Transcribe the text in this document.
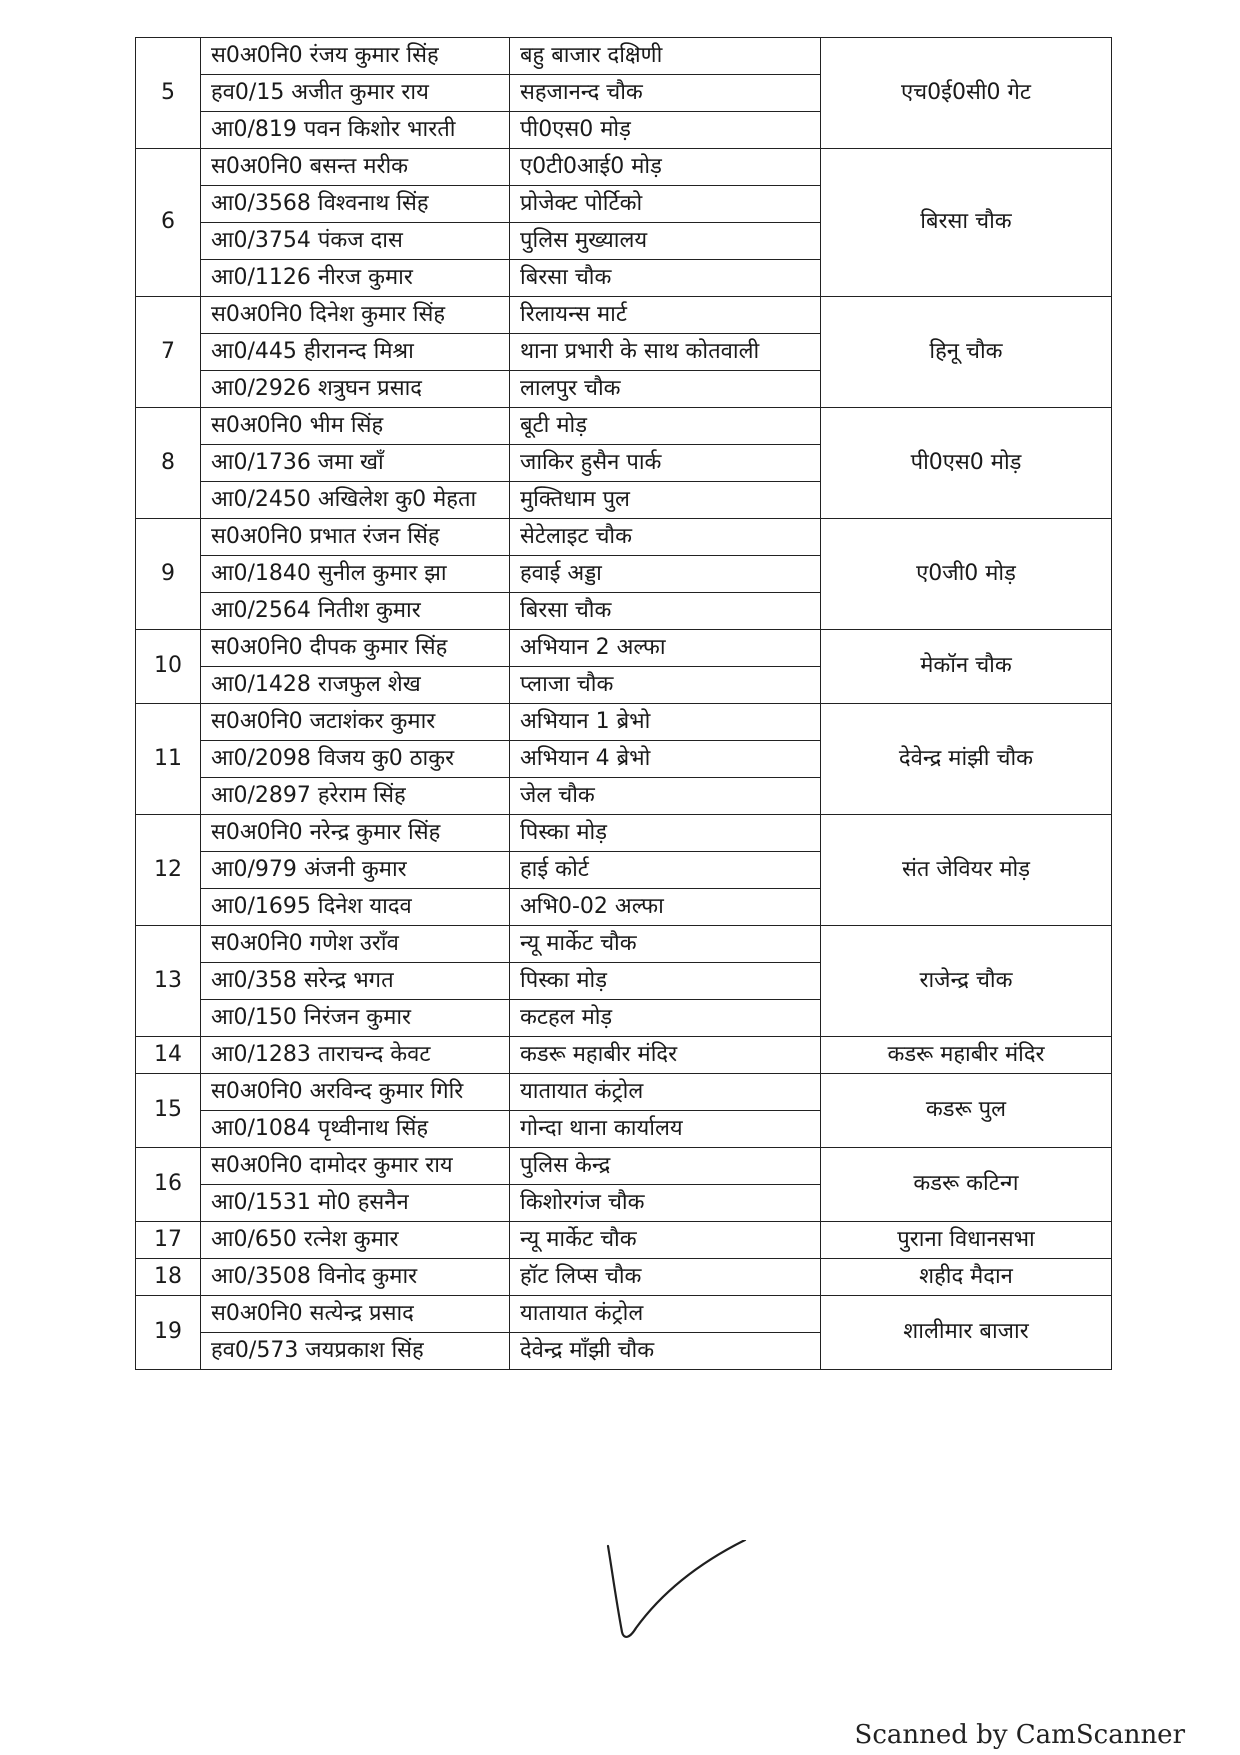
5	स0अ0नि0 रंजय कुमार सिंह	बहु बाजार दक्षिणी	एच0ई0सी0 गेट
	हव0/15 अजीत कुमार राय	सहजानन्द चौक	
	आ0/819 पवन किशोर भारती	पी0एस0 मोड़	
6	स0अ0नि0 बसन्त मरीक	ए0टी0आई0 मोड़	बिरसा चौक
	आ0/3568 विश्वनाथ सिंह	प्रोजेक्ट पोर्टिको	
	आ0/3754 पंकज दास	पुलिस मुख्यालय	
	आ0/1126 नीरज कुमार	बिरसा चौक	
7	स0अ0नि0 दिनेश कुमार सिंह	रिलायन्स मार्ट	हिनू चौक
	आ0/445 हीरानन्द मिश्रा	थाना प्रभारी के साथ कोतवाली	
	आ0/2926 शत्रुघन प्रसाद	लालपुर चौक	
8	स0अ0नि0 भीम सिंह	बूटी मोड़	पी0एस0 मोड़
	आ0/1736 जमा खाँ	जाकिर हुसैन पार्क	
	आ0/2450 अखिलेश कु0 मेहता	मुक्तिधाम पुल	
9	स0अ0नि0 प्रभात रंजन सिंह	सेटेलाइट चौक	ए0जी0 मोड़
	आ0/1840 सुनील कुमार झा	हवाई अड्डा	
	आ0/2564 नितीश कुमार	बिरसा चौक	
10	स0अ0नि0 दीपक कुमार सिंह	अभियान 2 अल्फा	मेकॉन चौक
	आ0/1428 राजफुल शेख	प्लाजा चौक	
11	स0अ0नि0 जटाशंकर कुमार	अभियान 1 ब्रेभो	देवेन्द्र मांझी चौक
	आ0/2098 विजय कु0 ठाकुर	अभियान 4 ब्रेभो	
	आ0/2897 हरेराम सिंह	जेल चौक	
12	स0अ0नि0 नरेन्द्र कुमार सिंह	पिस्का मोड़	संत जेवियर मोड़
	आ0/979 अंजनी कुमार	हाई कोर्ट	
	आ0/1695 दिनेश यादव	अभि0-02 अल्फा	
13	स0अ0नि0 गणेश उराँव	न्यू मार्केट चौक	राजेन्द्र चौक
	आ0/358 सरेन्द्र भगत	पिस्का मोड़	
	आ0/150 निरंजन कुमार	कटहल मोड़	
14	आ0/1283 ताराचन्द केवट	कडरू महाबीर मंदिर	कडरू महाबीर मंदिर
15	स0अ0नि0 अरविन्द कुमार गिरि	यातायात कंट्रोल	कडरू पुल
	आ0/1084 पृथ्वीनाथ सिंह	गोन्दा थाना कार्यालय	
16	स0अ0नि0 दामोदर कुमार राय	पुलिस केन्द्र	कडरू कटिन्ग
	आ0/1531 मो0 हसनैन	किशोरगंज चौक	
17	आ0/650 रत्नेश कुमार	न्यू मार्केट चौक	पुराना विधानसभा
18	आ0/3508 विनोद कुमार	हॉट लिप्स चौक	शहीद मैदान
19	स0अ0नि0 सत्येन्द्र प्रसाद	यातायात कंट्रोल	शालीमार बाजार
	हव0/573 जयप्रकाश सिंह	देवेन्द्र माँझी चौक	
Scanned by CamScanner
